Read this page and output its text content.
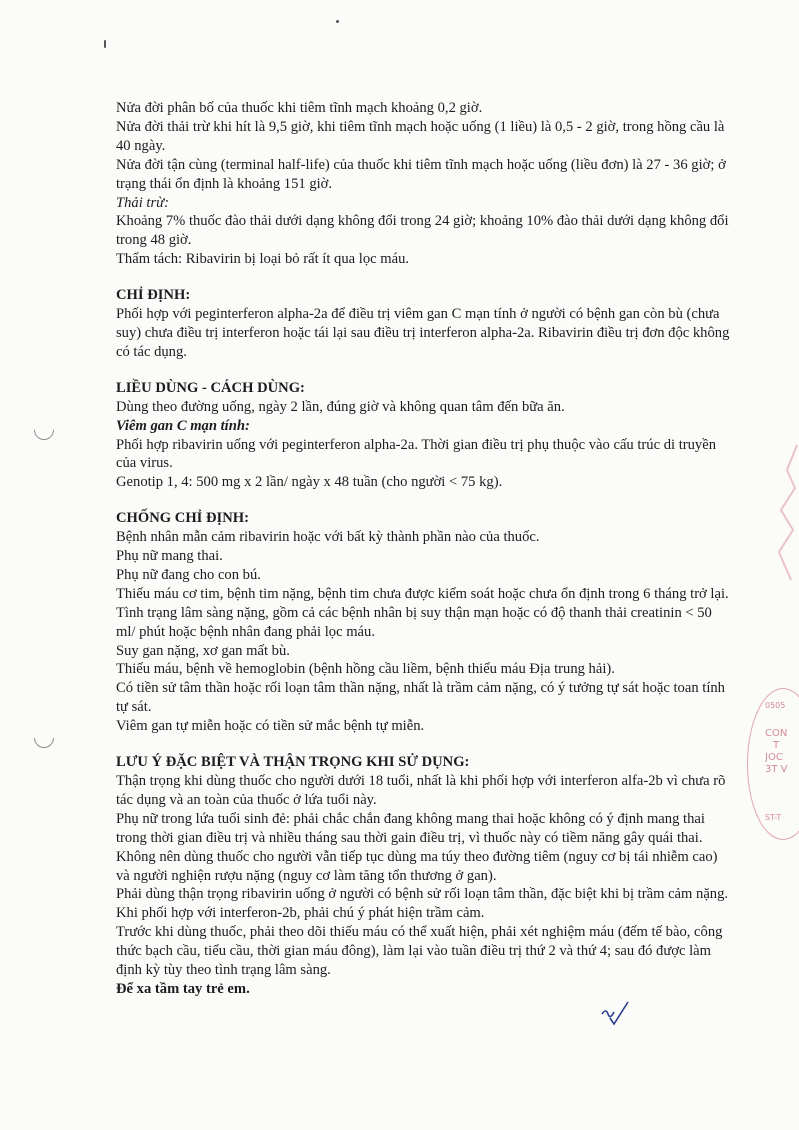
0505
CÔN
T
JOC
3T V
ST-T

Nửa đời phân bố của thuốc khi tiêm tĩnh mạch khoảng 0,2 giờ.

Nửa đời thải trừ khi hít là 9,5 giờ, khi tiêm tĩnh mạch hoặc uống (1 liều) là 0,5 - 2 giờ, trong hồng cầu là 40 ngày.

Nửa đời tận cùng (terminal half-life) của thuốc khi tiêm tĩnh mạch hoặc uống (liều đơn) là 27 - 36 giờ; ở trạng thái ổn định là khoảng 151 giờ.

Thải trừ:

Khoảng 7% thuốc đào thải dưới dạng không đổi trong 24 giờ; khoảng 10% đào thải dưới dạng không đổi trong 48 giờ.

Thẩm tách: Ribavirin bị loại bỏ rất ít qua lọc máu.

CHỈ ĐỊNH:

Phối hợp với peginterferon alpha-2a để điều trị viêm gan C mạn tính ở người có bệnh gan còn bù (chưa suy) chưa điều trị interferon hoặc tái lại sau điều trị interferon alpha-2a. Ribavirin điều trị đơn độc không có tác dụng.

LIỀU DÙNG - CÁCH DÙNG:

Dùng theo đường uống, ngày 2 lần, đúng giờ và không quan tâm đến bữa ăn.

Viêm gan C mạn tính:

Phối hợp ribavirin uống với peginterferon alpha-2a. Thời gian điều trị phụ thuộc vào cấu trúc di truyền của virus.

Genotip 1, 4: 500 mg x 2 lần/ ngày x 48 tuần (cho người < 75 kg).

CHỐNG CHỈ ĐỊNH:

Bệnh nhân mẫn cảm ribavirin hoặc với bất kỳ thành phần nào của thuốc.

Phụ nữ mang thai.

Phụ nữ đang cho con bú.

Thiếu máu cơ tim, bệnh tim nặng, bệnh tim chưa được kiểm soát hoặc chưa ổn định trong 6 tháng trở lại.

Tình trạng lâm sàng nặng, gồm cả các bệnh nhân bị suy thận mạn hoặc có độ thanh thải creatinin < 50 ml/ phút hoặc bệnh nhân đang phải lọc máu.

Suy gan nặng, xơ gan mất bù.

Thiếu máu, bệnh về hemoglobin (bệnh hồng cầu liềm, bệnh thiếu máu Địa trung hải).

Có tiền sử tâm thần hoặc rối loạn tâm thần nặng, nhất là trầm cảm nặng, có ý tưởng tự sát hoặc toan tính tự sát.

Viêm gan tự miễn hoặc có tiền sử mắc bệnh tự miễn.

LƯU Ý ĐẶC BIỆT VÀ THẬN TRỌNG KHI SỬ DỤNG:

Thận trọng khi dùng thuốc cho người dưới 18 tuổi, nhất là khi phối hợp với interferon alfa-2b vì chưa rõ tác dụng và an toàn của thuốc ở lứa tuổi này.

Phụ nữ trong lứa tuổi sinh đẻ: phải chắc chắn đang không mang thai hoặc không có ý định mang thai trong thời gian điều trị và nhiều tháng sau thời gain điều trị, vì thuốc này có tiềm năng gây quái thai.

Không nên dùng thuốc cho người vẫn tiếp tục dùng ma túy theo đường tiêm (nguy cơ bị tái nhiễm cao) và người nghiện rượu nặng (nguy cơ làm tăng tổn thương ở gan).

Phải dùng thận trọng ribavirin uống ở người có bệnh sử rối loạn tâm thần, đặc biệt khi bị trầm cảm nặng. Khi phối hợp với interferon-2b, phải chú ý phát hiện trầm cảm.

Trước khi dùng thuốc, phải theo dõi thiếu máu có thể xuất hiện, phải xét nghiệm máu (đếm tế bào, công thức bạch cầu, tiểu cầu, thời gian máu đông), làm lại vào tuần điều trị thứ 2 và thứ 4; sau đó được làm định kỳ tùy theo tình trạng lâm sàng.

Để xa tầm tay trẻ em.
